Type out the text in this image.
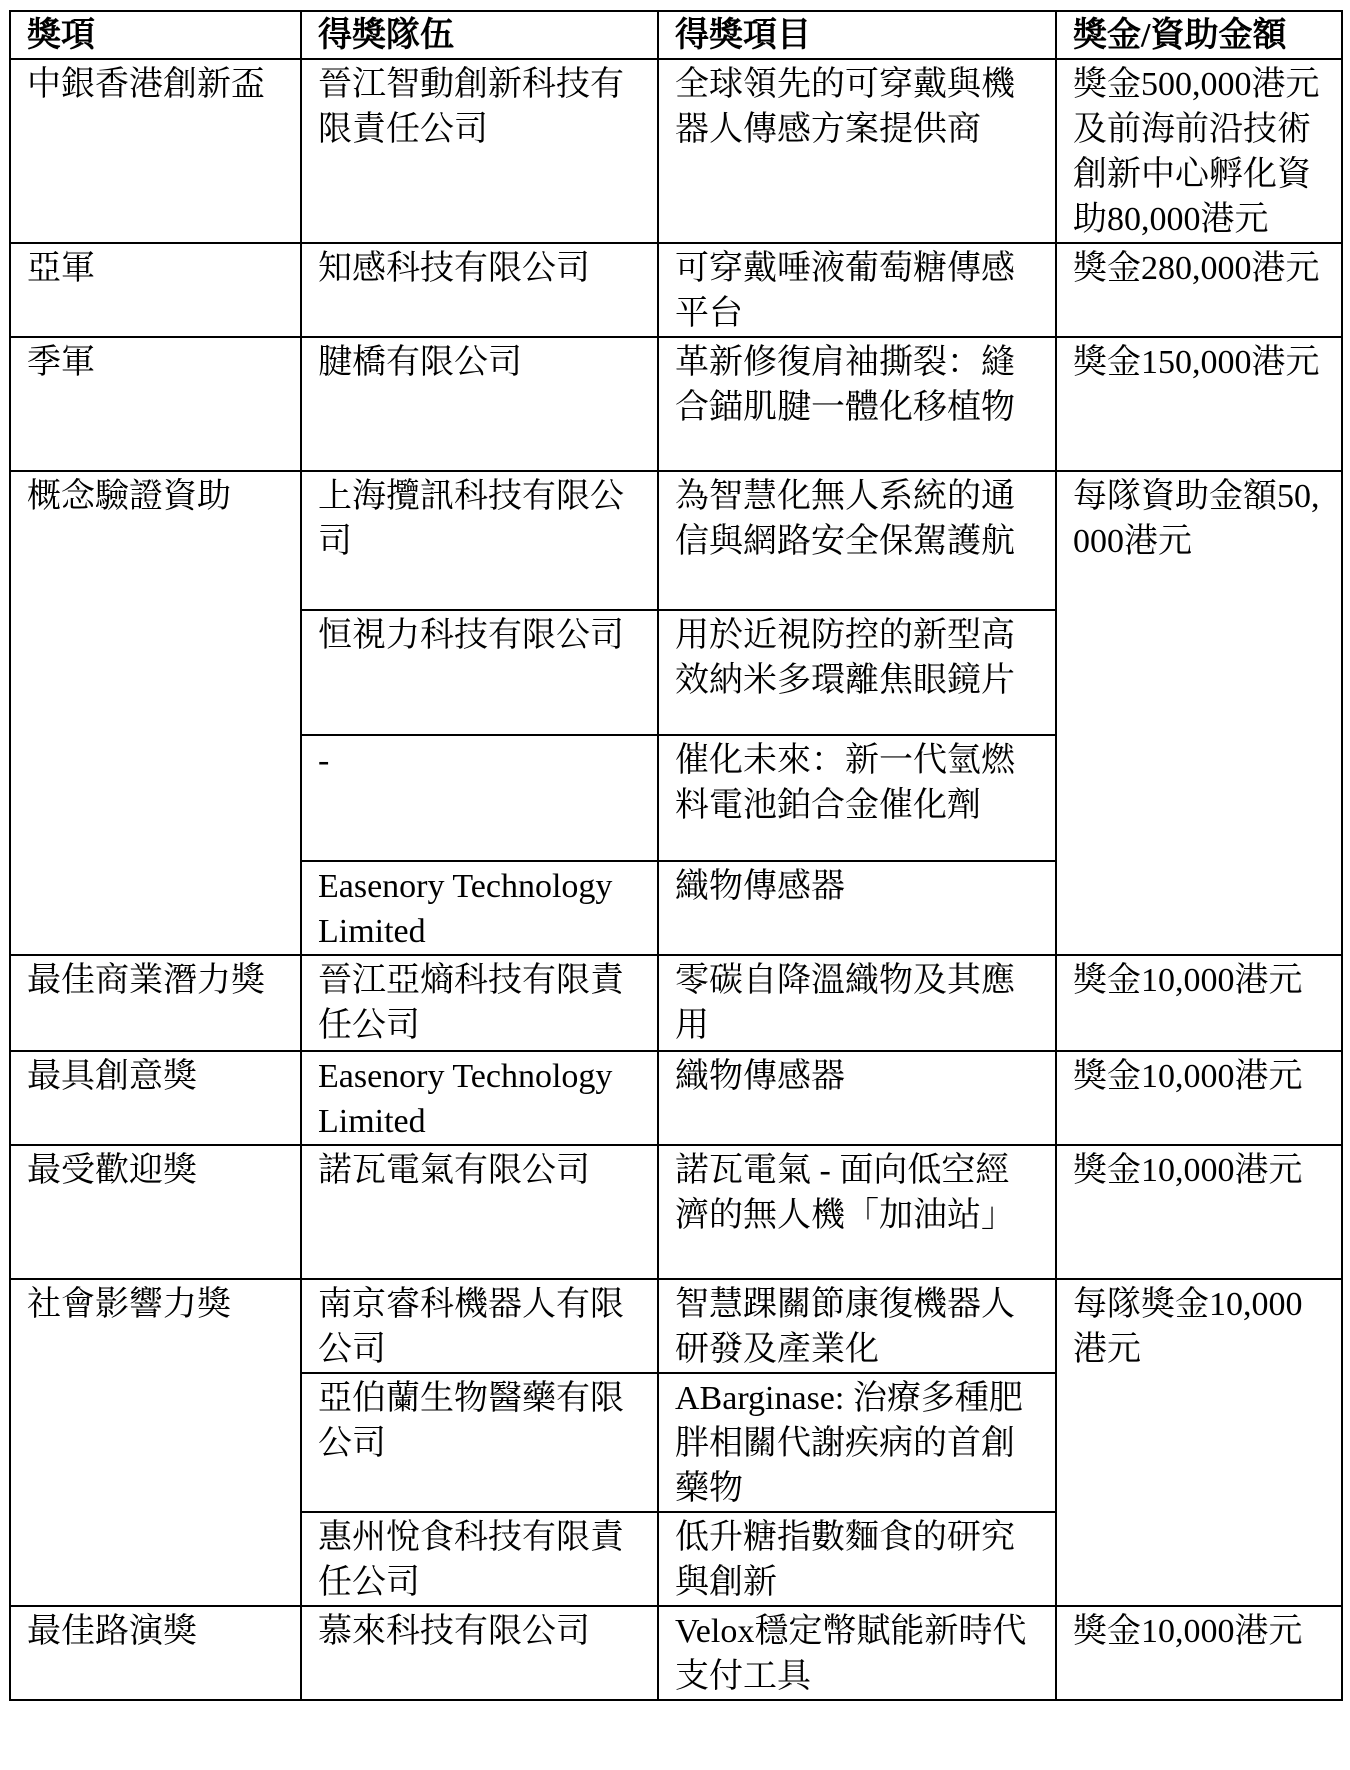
獎項	得獎隊伍	得獎項目	獎金/資助金額
中銀香港創新盃	晉江智動創新科技有限責任公司	全球領先的可穿戴與機器人傳感方案提供商	獎金500,000港元及前海前沿技術創新中心孵化資助80,000港元
亞軍	知感科技有限公司	可穿戴唾液葡萄糖傳感平台	獎金280,000港元
季軍	腱橋有限公司	革新修復肩袖撕裂：縫合錨肌腱一體化移植物	獎金150,000港元
概念驗證資助	上海攬訊科技有限公司	為智慧化無人系統的通信與網路安全保駕護航	每隊資助金額50,000港元
	恒視力科技有限公司	用於近視防控的新型高效納米多環離焦眼鏡片	
	-	催化未來：新一代氫燃料電池鉑合金催化劑	
	Easenory Technology Limited	織物傳感器	
最佳商業潛力獎	晉江亞熵科技有限責任公司	零碳自降溫織物及其應用	獎金10,000港元
最具創意獎	Easenory Technology Limited	織物傳感器	獎金10,000港元
最受歡迎獎	諾瓦電氣有限公司	諾瓦電氣 - 面向低空經濟的無人機「加油站」	獎金10,000港元
社會影響力獎	南京睿科機器人有限公司	智慧踝關節康復機器人研發及產業化	每隊獎金10,000港元
	亞伯蘭生物醫藥有限公司	ABarginase: 治療多種肥胖相關代謝疾病的首創藥物	
	惠州悅食科技有限責任公司	低升糖指數麵食的研究與創新	
最佳路演獎	慕來科技有限公司	Velox穩定幣賦能新時代支付工具	獎金10,000港元
